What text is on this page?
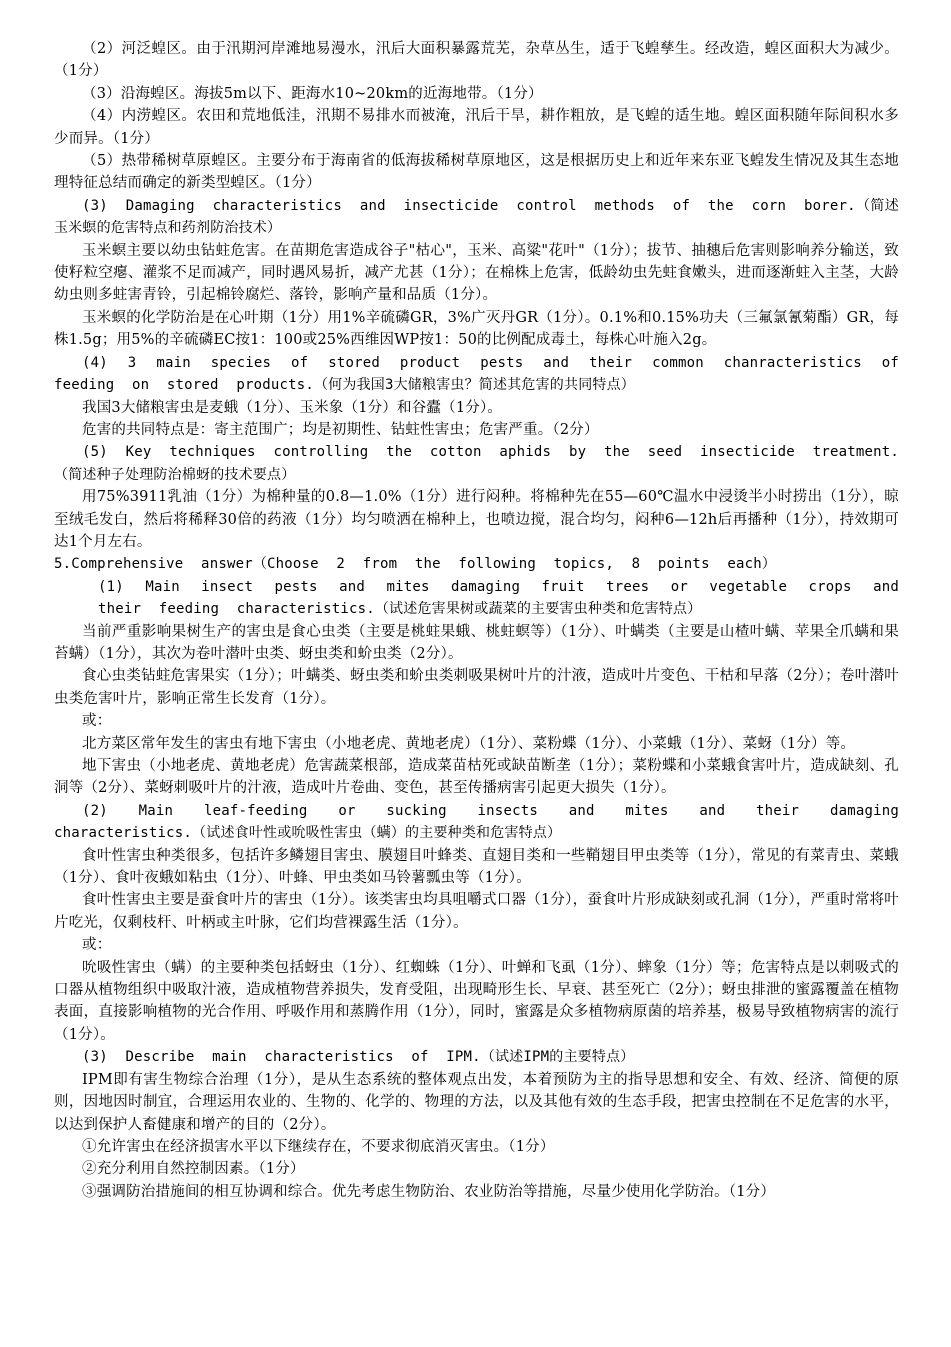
（2）河泛蝗区。由于汛期河岸滩地易漫水，汛后大面积暴露荒芜，杂草丛生，适于飞蝗孳生。经改造，蝗区面积大为减少。（1分）

（3）沿海蝗区。海拔5m以下、距海水10~20km的近海地带。（1分）

（4）内涝蝗区。农田和荒地低洼，汛期不易排水而被淹，汛后干旱，耕作粗放，是飞蝗的适生地。蝗区面积随年际间积水多少而异。（1分）

（5）热带稀树草原蝗区。主要分布于海南省的低海拔稀树草原地区，这是根据历史上和近年来东亚飞蝗发生情况及其生态地理特征总结而确定的新类型蝗区。（1分）

(3) Damaging characteristics and insecticide control methods of the corn borer.（简述玉米螟的危害特点和药剂防治技术）

玉米螟主要以幼虫钻蛀危害。在苗期危害造成谷子"枯心"，玉米、高粱"花叶"（1分）；拔节、抽穗后危害则影响养分输送，致使籽粒空瘪、灌浆不足而减产，同时遇风易折，减产尤甚（1分）；在棉株上危害，低龄幼虫先蛀食嫩头，进而逐渐蛀入主茎，大龄幼虫则多蛀害青铃，引起棉铃腐烂、落铃，影响产量和品质（1分）。

玉米螟的化学防治是在心叶期（1分）用1%辛硫磷GR，3%广灭丹GR（1分）。0.1%和0.15%功夫（三氟氯氰菊酯）GR，每株1.5g；用5%的辛硫磷EC按1：100或25%西维因WP按1：50的比例配成毒土，每株心叶施入2g。

(4) 3 main species of stored product pests and their common chanracteristics of feeding on stored products.（何为我国3大储粮害虫？简述其危害的共同特点）

我国3大储粮害虫是麦蛾（1分）、玉米象（1分）和谷蠹（1分）。

危害的共同特点是：寄主范围广；均是初期性、钻蛀性害虫；危害严重。（2分）

(5) Key techniques controlling the cotton aphids by the seed insecticide treatment.（简述种子处理防治棉蚜的技术要点）

用75%3911乳油（1分）为棉种量的0.8—1.0%（1分）进行闷种。将棉种先在55—60℃温水中浸烫半小时捞出（1分），晾至绒毛发白，然后将稀释30倍的药液（1分）均匀喷洒在棉种上，也喷边搅，混合均匀，闷种6—12h后再播种（1分），持效期可达1个月左右。

5.Comprehensive answer（Choose 2 from the following topics, 8 points each）

(1) Main insect pests and mites damaging fruit trees or vegetable crops and their feeding characteristics.（试述危害果树或蔬菜的主要害虫种类和危害特点）

当前严重影响果树生产的害虫是食心虫类（主要是桃蛀果蛾、桃蛀螟等）（1分）、叶螨类（主要是山楂叶螨、苹果全爪螨和果苔螨）（1分），其次为卷叶潜叶虫类、蚜虫类和蚧虫类（2分）。

食心虫类钻蛀危害果实（1分）；叶螨类、蚜虫类和蚧虫类刺吸果树叶片的汁液，造成叶片变色、干枯和早落（2分）；卷叶潜叶虫类危害叶片，影响正常生长发育（1分）。

或：

北方菜区常年发生的害虫有地下害虫（小地老虎、黄地老虎）（1分）、菜粉蝶（1分）、小菜蛾（1分）、菜蚜（1分）等。

地下害虫（小地老虎、黄地老虎）危害蔬菜根部，造成菜苗枯死或缺苗断垄（1分）；菜粉蝶和小菜蛾食害叶片，造成缺刻、孔洞等（2分）、菜蚜刺吸叶片的汁液，造成叶片卷曲、变色，甚至传播病害引起更大损失（1分）。

(2) Main leaf-feeding or sucking insects and mites and their damaging characteristics.（试述食叶性或吮吸性害虫（螨）的主要种类和危害特点）

食叶性害虫种类很多，包括许多鳞翅目害虫、膜翅目叶蜂类、直翅目类和一些鞘翅目甲虫类等（1分），常见的有菜青虫、菜蛾（1分）、食叶夜蛾如粘虫（1分）、叶蜂、甲虫类如马铃薯瓢虫等（1分）。

食叶性害虫主要是蚕食叶片的害虫（1分）。该类害虫均具咀嚼式口器（1分），蚕食叶片形成缺刻或孔洞（1分），严重时常将叶片吃光，仅剩枝杆、叶柄或主叶脉，它们均营裸露生活（1分）。

或：

吮吸性害虫（螨）的主要种类包括蚜虫（1分）、红蜘蛛（1分）、叶蝉和飞虱（1分）、蟀象（1分）等；危害特点是以刺吸式的口器从植物组织中吸取汁液，造成植物营养损失，发育受阻，出现畸形生长、早衰、甚至死亡（2分）；蚜虫排泄的蜜露覆盖在植物表面，直接影响植物的光合作用、呼吸作用和蒸腾作用（1分），同时，蜜露是众多植物病原菌的培养基，极易导致植物病害的流行（1分）。

(3) Describe main characteristics of IPM.（试述IPM的主要特点）

IPM即有害生物综合治理（1分），是从生态系统的整体观点出发，本着预防为主的指导思想和安全、有效、经济、简便的原则，因地因时制宜，合理运用农业的、生物的、化学的、物理的方法，以及其他有效的生态手段，把害虫控制在不足危害的水平，以达到保护人畜健康和增产的目的（2分）。

①允许害虫在经济损害水平以下继续存在，不要求彻底消灭害虫。（1分）

②充分利用自然控制因素。（1分）

③强调防治措施间的相互协调和综合。优先考虑生物防治、农业防治等措施，尽量少使用化学防治。（1分）
